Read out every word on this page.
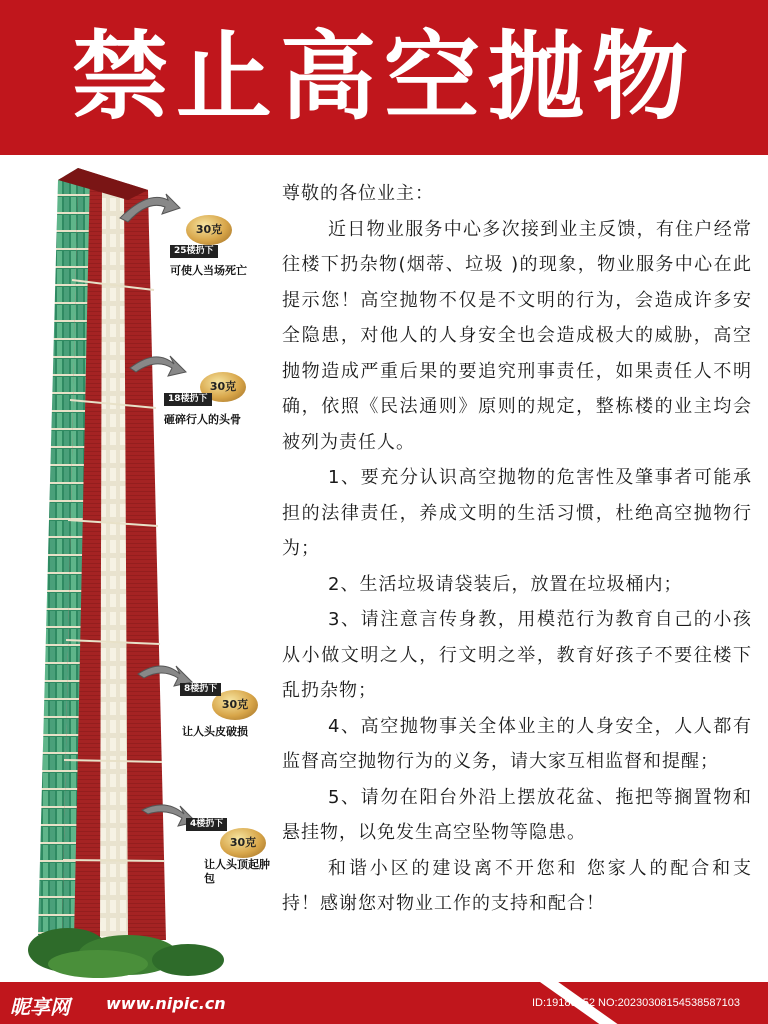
禁止高空抛物
30克
25楼扔下
可使人当场死亡
30克
18楼扔下
砸碎行人的头骨
30克
8楼扔下
让人头皮破损
4楼扔下
30克
让人头顶起肿包

尊敬的各位业主：

近日物业服务中心多次接到业主反馈，有住户经常往楼下扔杂物(烟蒂、垃圾 )的现象，物业服务中心在此提示您！高空抛物不仅是不文明的行为，会造成许多安全隐患，对他人的人身安全也会造成极大的威胁，高空抛物造成严重后果的要追究刑事责任，如果责任人不明确，依照《民法通则》原则的规定，整栋楼的业主均会被列为责任人。

1、要充分认识高空抛物的危害性及肇事者可能承担的法律责任，养成文明的生活习惯，杜绝高空抛物行为；

2、生活垃圾请袋装后，放置在垃圾桶内；

3、请注意言传身教，用模范行为教育自己的小孩从小做文明之人，行文明之举，教育好孩子不要往楼下乱扔杂物；

4、高空抛物事关全体业主的人身安全，人人都有监督高空抛物行为的义务，请大家互相监督和提醒；

5、请勿在阳台外沿上摆放花盆、拖把等搁置物和悬挂物，以免发生高空坠物等隐患。

和谐小区的建设离不开您和 您家人的配合和支持！感谢您对物业工作的支持和配合！

昵享网 www.nipic.cn	ID:19189252 NO:20230308154538587103
